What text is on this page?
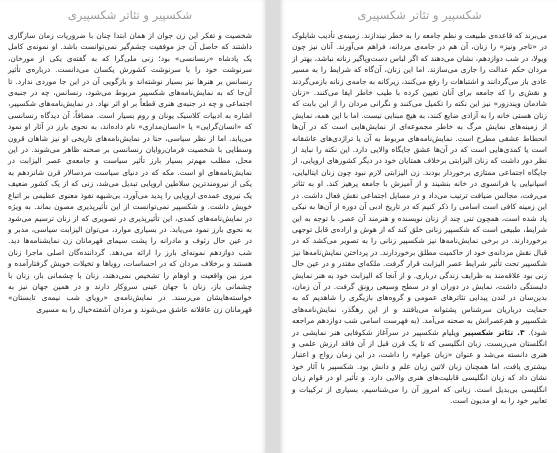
شکسپیر و تئاتر شکسپیری

شخصیت و تفکر این زن جوان از همان ابتدا چنان با ضروریات زمان سازگاری داشتند که حاصل آن جز موفقیت چشم‌گیر نمی‌توانست باشد. او نمونه‌ی کامل یک پادشاه «رنسانسی» بود؛ زنی ملی‌گرا که به گفته‌ی یکی از مورخان، سرنوشت خود را با سرنوشت کشورش یکسان می‌دانست. درباره‌ی تأثیر رنسانس بر هنرها نیز بسیار نوشته‌اند و بازگویی آن در این جا موردی ندارد. تا آن‌جا که به نمایش‌نامه‌های شکسپیر مربوط می‌شود، رنسانس، چه در جنبه‌ی اجتماعی و چه در جنبه‌ی هنری قطعاً بر او اثر نهاد. در نمایش‌نامه‌های شکسپیر، اشاره به ادبیات کلاسیک یونان و روم بسیار است. مضافاً، آن دیدگاه رنسانسی که «انسان‌گرایی» یا «انسان‌مداری» نام داده‌اند، به نحوی بارز در آثار او نمود می‌یابد. اما از نظر سیاسی، حتا در نمایش‌نامه‌های تاریخی او نیز شاهان قرون وسطایی با شخصیت فرمان‌روایان رنسانسی بر صحنه ظاهر می‌شوند. در این محل، مطلب مهم‌تر بسیار بارز تأثیر سیاست و جامعه‌ی عصر الیزابت در نمایش‌نامه‌های او است. مکه که در دنیای سیاست مردسالار قرن شانزدهم به یکی از نیرومندترین سلاطین اروپایی تبدیل می‌شد، زنی که از یک کشور ضعیف یک نیروی عمده‌ی اروپایی را پدید می‌آورد، بی‌شبهه نفوذ معنوی عظیمی بر اتباع خویش داشت. و شکسپیر نمی‌توانست از این تأثیرپذیری مصون بماند. به ویژه در نمایش‌نامه‌های کمدی، این تأثیرپذیری در تصویری که از زنان ترسیم می‌شود به نحوی بارز نمود می‌یابد. در بسیاری موارد، می‌توان الیزابت سیاسی، مدبر و در عین حال رئوف و مادرانه را پشت سیمای قهرمانان زن نمایشنامه‌ها دید. شب دوازدهم نمونه‌ای بارز را ارائه می‌دهد. گرداننده‌گان اصلی ماجرا زنان هستند و برخلاف مردان که در احساسات، رویاها و تخیلات خویش گرفتارآمده و مرز بین واقعیت و اوهام را تشخیص نمی‌دهند، زنان با چشمانی باز، زنان با چشمانی باز، زنان با جهان عینی سروکار دارند و در همین جهان نیز به خواسته‌هایشان می‌رسند. در نمایش‌نامه‌ی «رویای شب نیمه‌ی تابستان» قهرمانان زن عاقلانه عاشق می‌شوند و مردان آشفته‌خیال را به مسیری

شکسپیر و تئاتر شکسپیری

می‌برند که قاعده‌ی طبیعت و نظم جامعه را به خطر نیندازند. زمینه‌ی تأدیب شایلوک در «تاجر ونیز» را زنان، آن هم در جامه‌ی مردانه، فراهم می‌آورند. آنان نیز چون ویولا، در شب دوازدهم، نشان می‌دهند که اگر لباس دست‌وپاگیر زنانه نباشد، بهتر از مردان حکم عدالت را جاری می‌سازند. اما این زنان، آن‌گاه که شرایط را به مسیر عادی باز می‌گردانند و اشتباهات را رفع می‌کنند، زیرکانه به جامه‌ی زنانه بازمی‌گردند و نقش‌ی را که جامعه برای آنان تعیین کرده با طیب خاطر ایفا می‌کنند. «زنان شادمان ویندزور» نیز این نکته را تکمیل می‌کنند و نگرانی مردان را از این بابت که زنان هستی خانه را به آزادی ضایع کنند، به هیچ مبنایی نیست. اما با این همه، نمایش از زمینه‌های نمایش مرگ به خاطر مجموعه‌ای از نمایش‌هایی است که در آن‌ها انحطاط عشقی مطرح است. نمایش‌نامه‌های مربوط به آن یا تراژدی‌های عاشقانه است یا کمدی‌هایی است که در آن‌ها عشق جایگاه والایی دارد. این نکته را نباید از نظر دور داشت که زنان الیزابتی برخلاف همتایان خود در دیگر کشورهای اروپایی، از جایگاه اجتماعی ممتازی برخوردار بودند. زن الیزابتی لازم نبود چون زنان ایتالیایی، اسپانیایی یا فرانسوی در خانه بنشیند و از آمیزش با جامعه پرهیز کند. او به تئاتر می‌رفت، مجالس ضیافت ترتیب می‌داد و در مسایل اجتماعی نقش فعال داشت. در این زمینه کافی است اسامی را ذکر کنیم که در تاریخ ادبی آن دوره از آن‌ها به نیکی یاد شده است، همچون تنی چند از زنان نویسنده و هنرمند آن عصر. با توجه به این شرایط، طبیعی است که شکسپیر زنانی خلق کند که از هوش و اراده‌ی قابل توجهی برخوردارند. در برخی نمایش‌نامه‌ها نیز شکسپیر زنانی را به تصویر می‌کشد که در قبال نقش مردانه‌ی خود از حاکمیت مطلق برخوردارند. در پرداختن نمایش‌نامه‌ها نیز شکسپیر تحت تأثیر شرایط عصر الیزابت قرار گرفت. ملکه‌ای مقتدر و در عین حال زنی بود علاقه‌مند به ظرایف زندگی درباری. و از آنجا که الیزابت خود به هنر نمایش دلبستگی داشت، نمایش در دوران او در سطح وسیعی رونق گرفت. در آن زمان، بدین‌سان در لندن پیدایی تئاترهای عمومی و گروه‌های بازیگری را شاهدیم که به حمایت درباریان سرشناس پشتوانه می‌یافتند و از این رهگذر، نمایش‌نامه‌های شکسپیر و هم‌عصرانش به صحنه می‌آمد. (به فهرست اسامی شب دوازدهم مراجعه شود). ۳. تئاتر شکسپیر ویلیام شکسپیر در سرآغاز شکوفایی هنر نمایشی در انگلستان می‌زیست. زبان انگلیسی که تا یک قرن قبل از آن فاقد ارزش علمی و هنری دانسته می‌شد و عنوان «زبان عوام» را داشت، در این زمان رواج و اعتبار بیشتری یافت، اما همچنان زبان لاتین زبان علم و دانش بود. شکسپیر با آثار خود نشان داد که زبان انگلیسی قابلیت‌های هنری والایی دارد. و تأثیر او در قوام زبان انگلیسی بی‌بدیل است. زبانی که امروز آن را می‌شناسیم، بسیاری از ترکیبات و تعابیر خود را به او مدیون است.
